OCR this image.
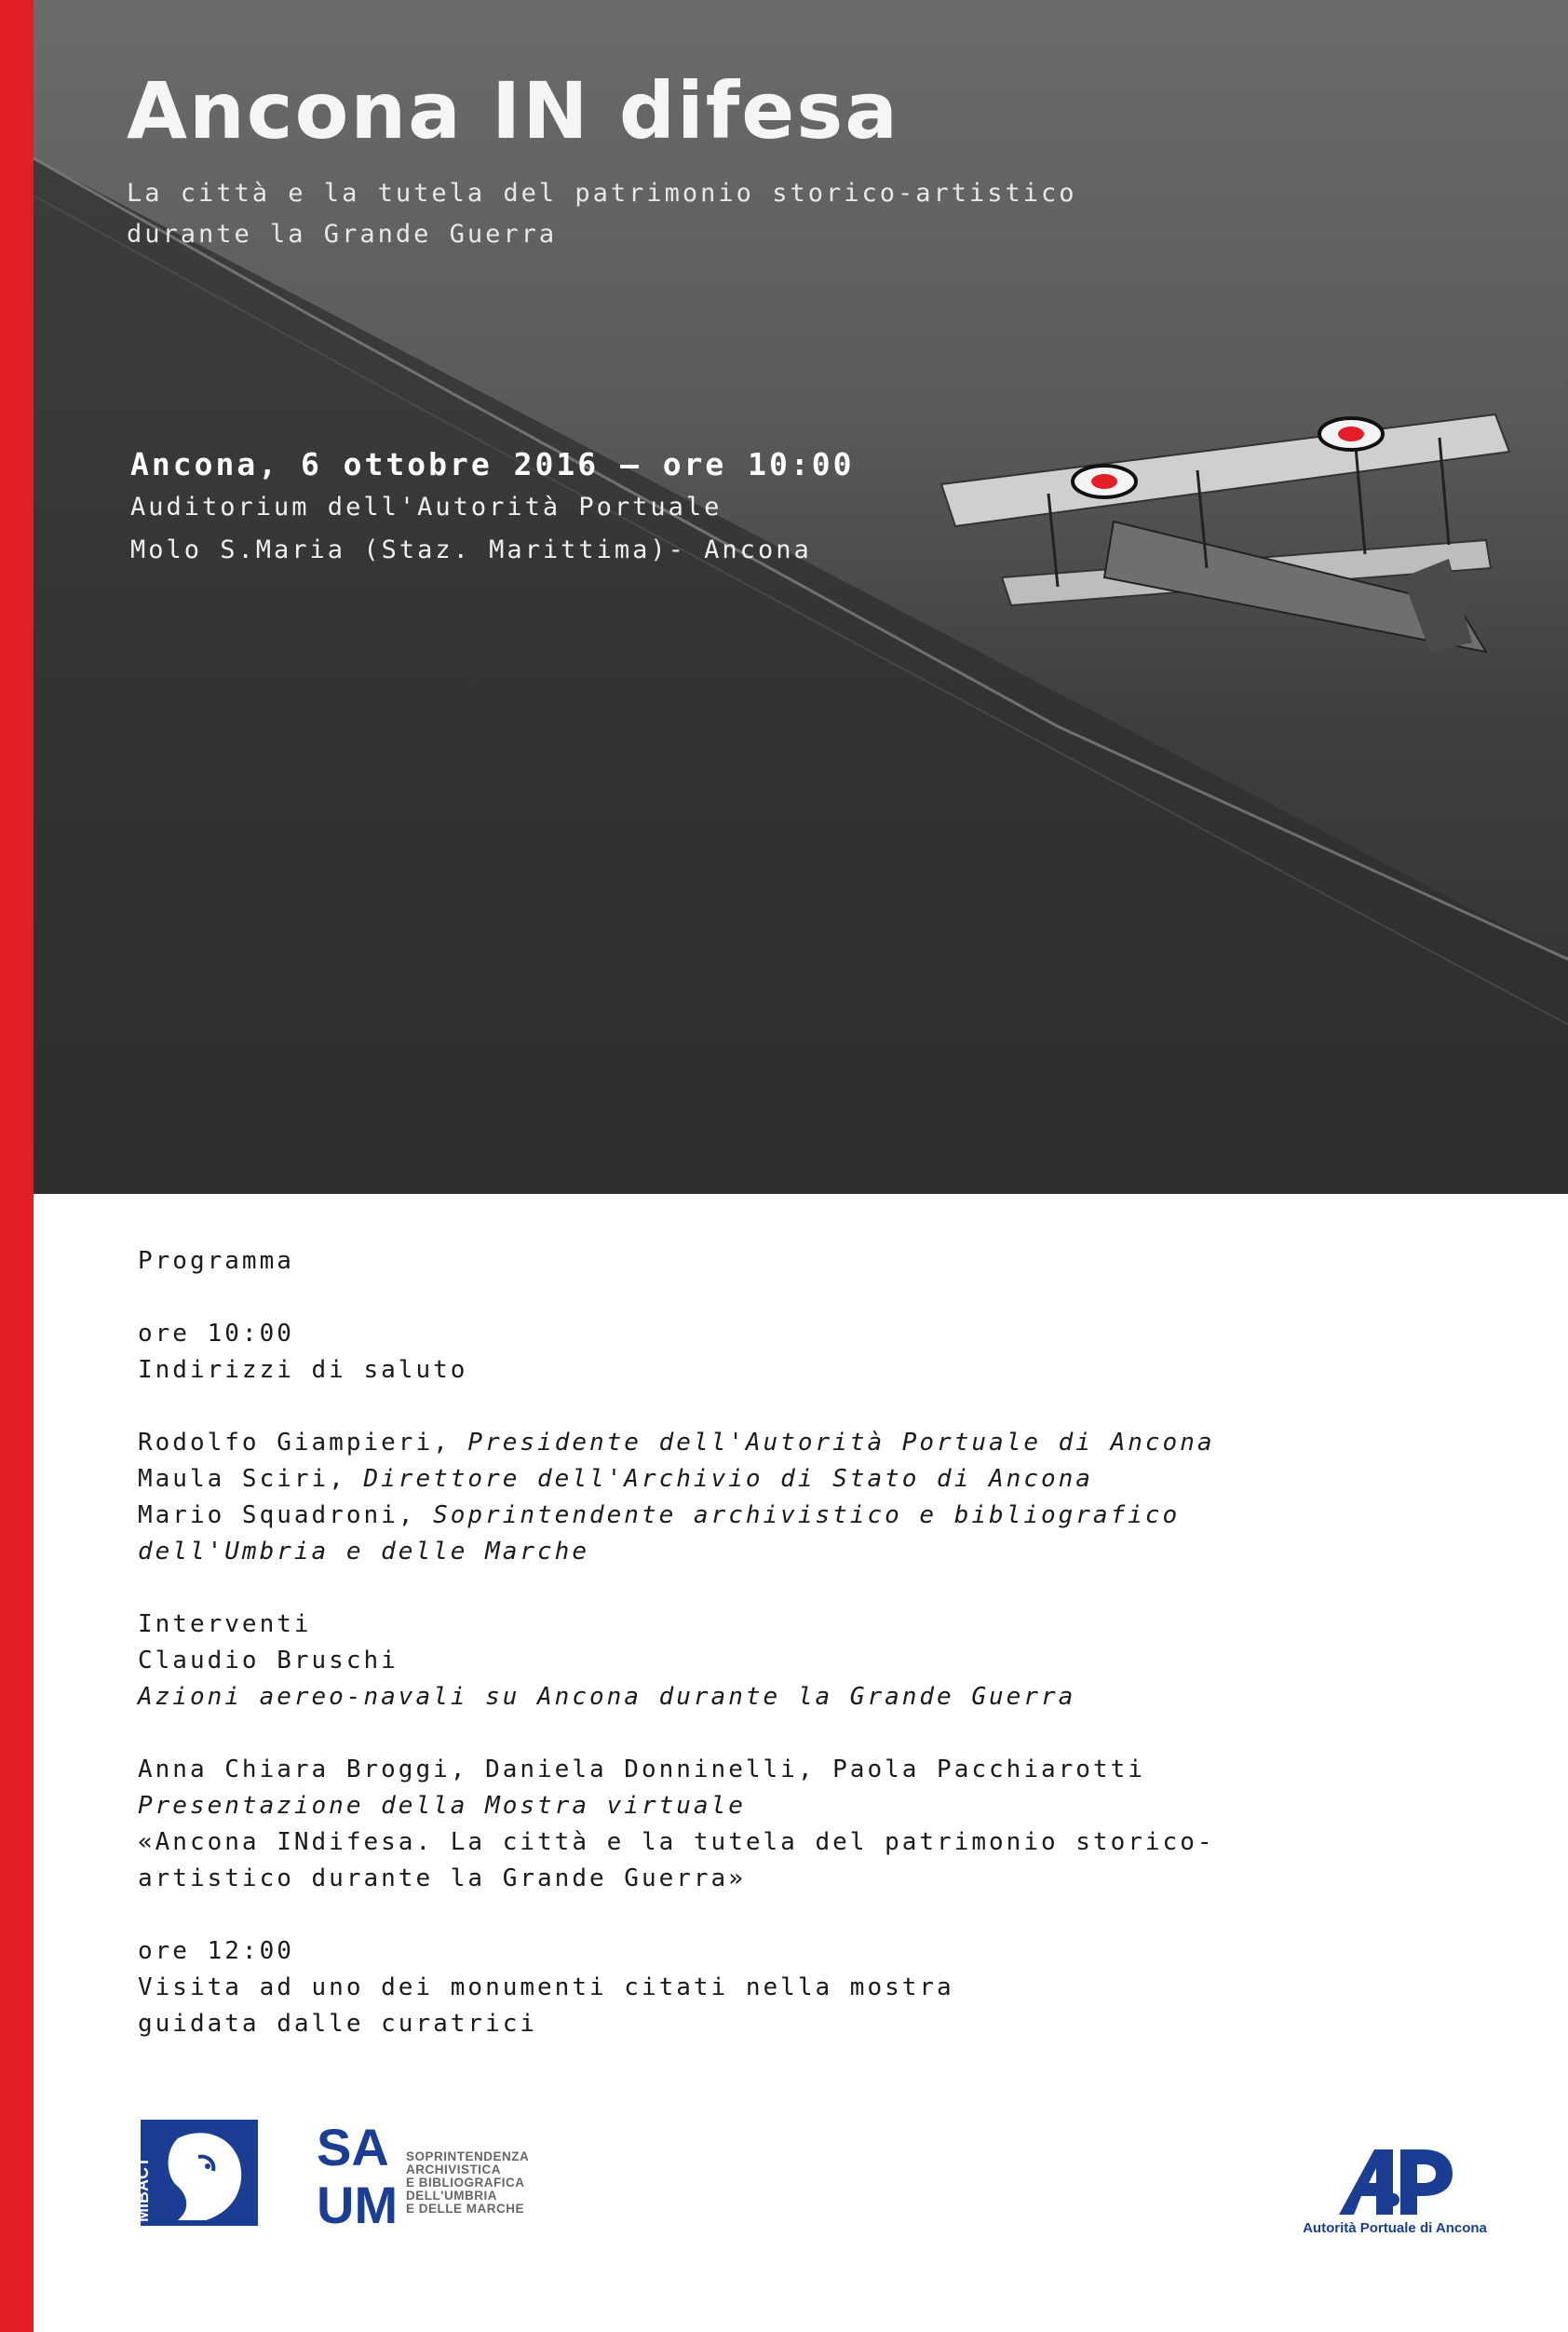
Ancona IN difesa
La città e la tutela del patrimonio storico-artistico
durante la Grande Guerra
Ancona, 6 ottobre 2016 – ore 10:00
Auditorium dell'Autorità Portuale
Molo S.Maria (Staz. Marittima)- Ancona
Programma
ore 10:00
Indirizzi di saluto
Rodolfo Giampieri, Presidente dell'Autorità Portuale di Ancona
Maula Sciri, Direttore dell'Archivio di Stato di Ancona
Mario Squadroni, Soprintendente archivistico e bibliografico
dell'Umbria e delle Marche
Interventi
Claudio Bruschi
Azioni aereo-navali su Ancona durante la Grande Guerra
Anna Chiara Broggi, Daniela Donninelli, Paola Pacchiarotti
Presentazione della Mostra virtuale
«Ancona INdifesa. La città e la tutela del patrimonio storico-
artistico durante la Grande Guerra»
ore 12:00
Visita ad uno dei monumenti citati nella mostra
guidata dalle curatrici
MiBACT
SA
UM
SOPRINTENDENZA
ARCHIVISTICA
E BIBLIOGRAFICA
DELL'UMBRIA
E DELLE MARCHE
Autorità Portuale di Ancona
